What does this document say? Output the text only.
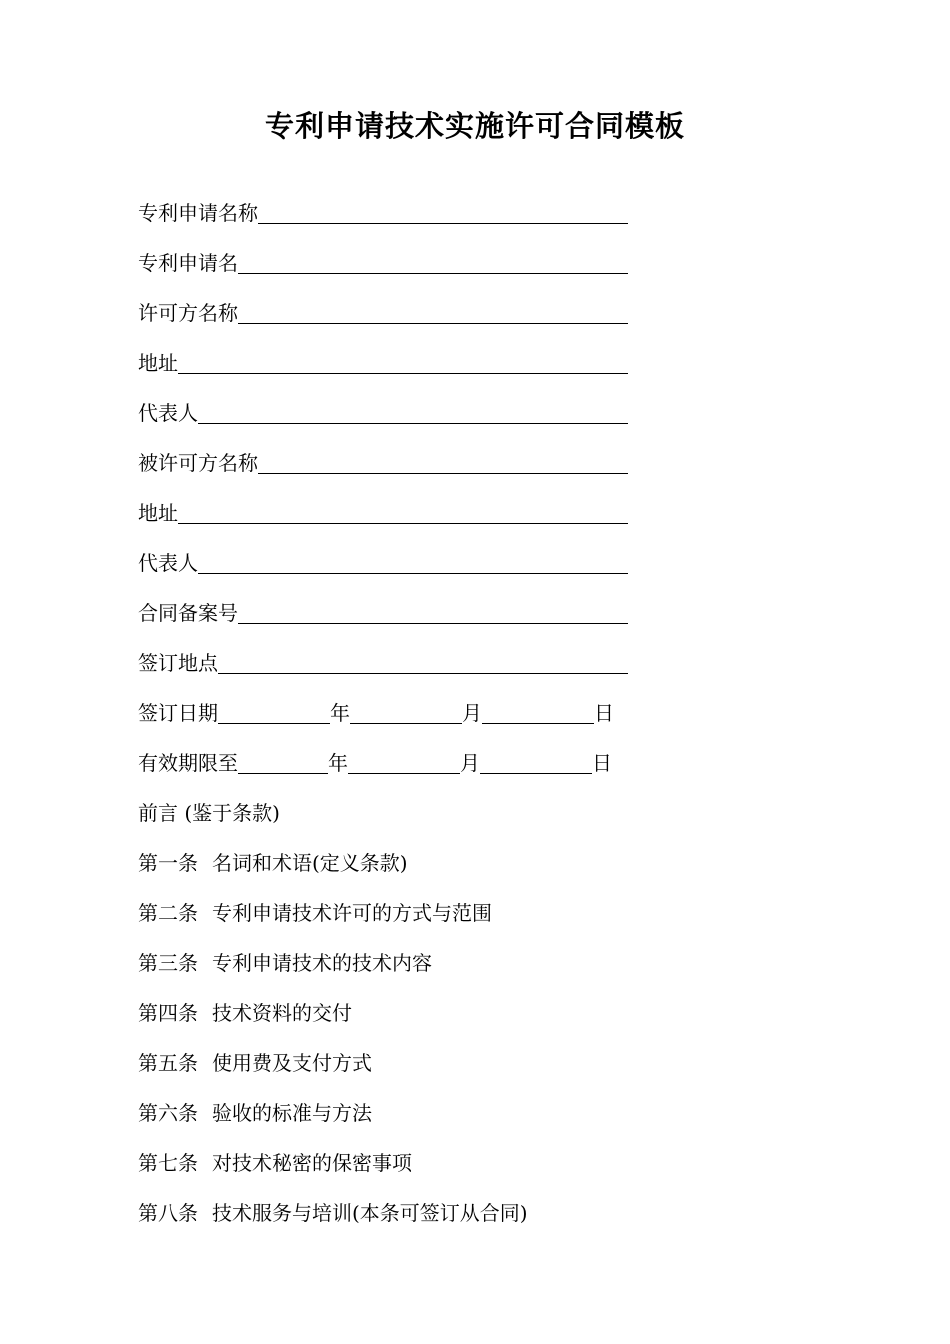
专利申请技术实施许可合同模板
专利申请名称
专利申请名
许可方名称
地址
代表人
被许可方名称
地址
代表人
合同备案号
签订地点
签订日期	年	月	日
有效期限至	年	月	日
前言 (鉴于条款)
第一条 名词和术语(定义条款)
第二条 专利申请技术许可的方式与范围
第三条 专利申请技术的技术内容
第四条 技术资料的交付
第五条 使用费及支付方式
第六条 验收的标准与方法
第七条 对技术秘密的保密事项
第八条 技术服务与培训(本条可签订从合同)
